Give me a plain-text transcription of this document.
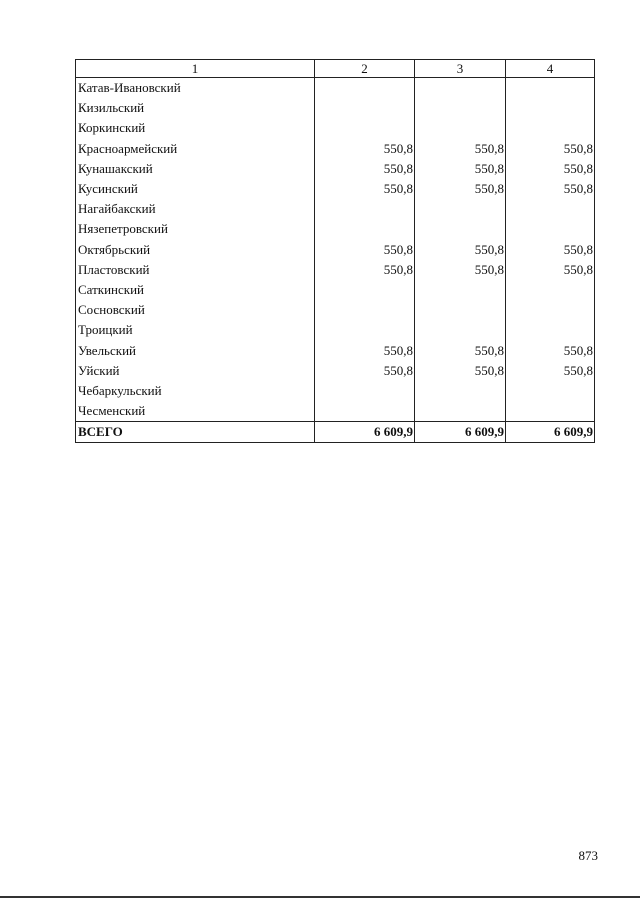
1	2	3	4
Катав-Ивановский			
Кизильский			
Коркинский			
Красноармейский	550,8	550,8	550,8
Кунашакский	550,8	550,8	550,8
Кусинский	550,8	550,8	550,8
Нагайбакский			
Нязепетровский			
Октябрьский	550,8	550,8	550,8
Пластовский	550,8	550,8	550,8
Саткинский			
Сосновский			
Троицкий			
Увельский	550,8	550,8	550,8
Уйский	550,8	550,8	550,8
Чебаркульский			
Чесменский			
ВСЕГО	6 609,9	6 609,9	6 609,9
873
